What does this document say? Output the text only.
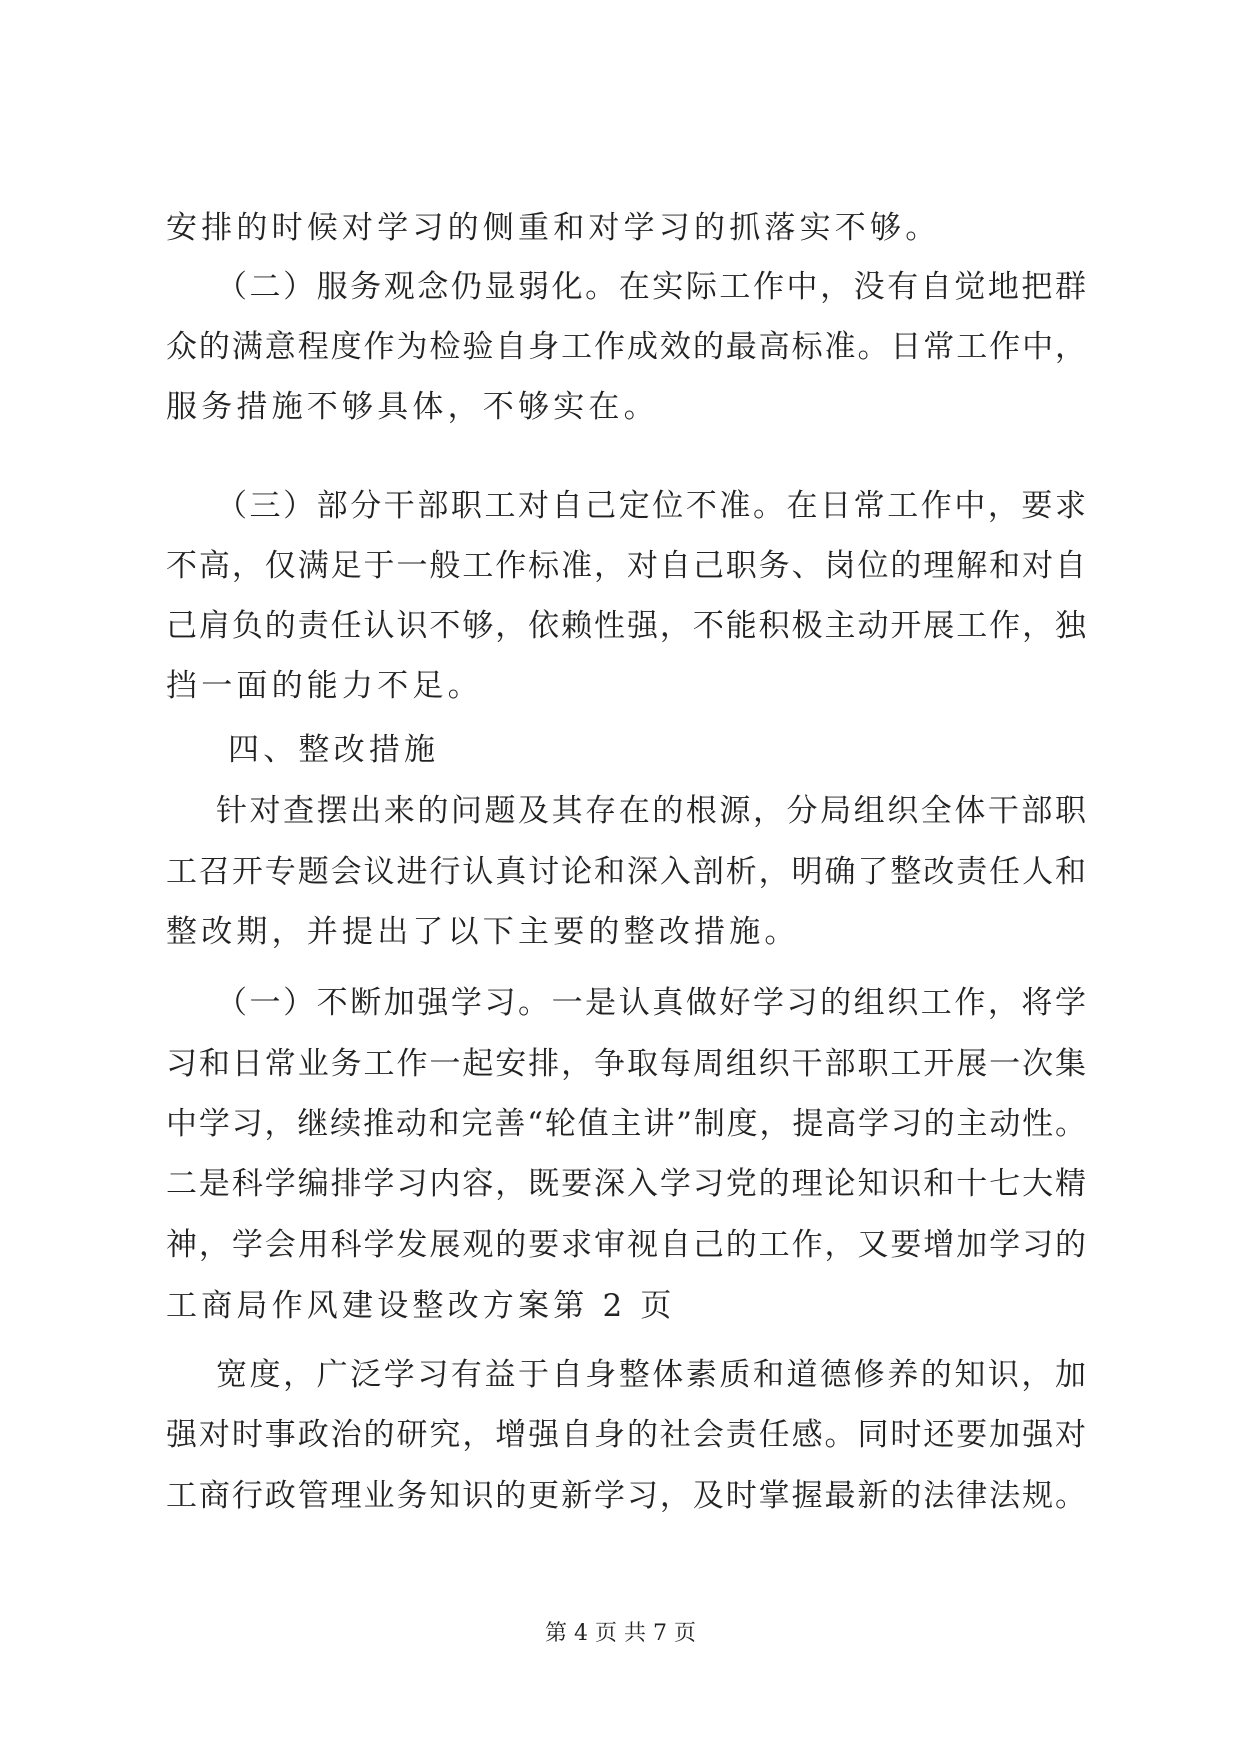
安排的时候对学习的侧重和对学习的抓落实不够。
（二）服务观念仍显弱化。在实际工作中，没有自觉地把群
众的满意程度作为检验自身工作成效的最高标准。日常工作中，
服务措施不够具体，不够实在。
（三）部分干部职工对自己定位不准。在日常工作中，要求
不高，仅满足于一般工作标准，对自己职务、岗位的理解和对自
己肩负的责任认识不够，依赖性强，不能积极主动开展工作，独
挡一面的能力不足。
四、整改措施
针对查摆出来的问题及其存在的根源，分局组织全体干部职
工召开专题会议进行认真讨论和深入剖析，明确了整改责任人和
整改期，并提出了以下主要的整改措施。
（一）不断加强学习。一是认真做好学习的组织工作，将学
习和日常业务工作一起安排，争取每周组织干部职工开展一次集
中学习，继续推动和完善“轮值主讲”制度，提高学习的主动性。
二是科学编排学习内容，既要深入学习党的理论知识和十七大精
神，学会用科学发展观的要求审视自己的工作，又要增加学习的
工商局作风建设整改方案第 2 页
宽度，广泛学习有益于自身整体素质和道德修养的知识，加
强对时事政治的研究，增强自身的社会责任感。同时还要加强对
工商行政管理业务知识的更新学习，及时掌握最新的法律法规。
第 4 页 共 7 页
